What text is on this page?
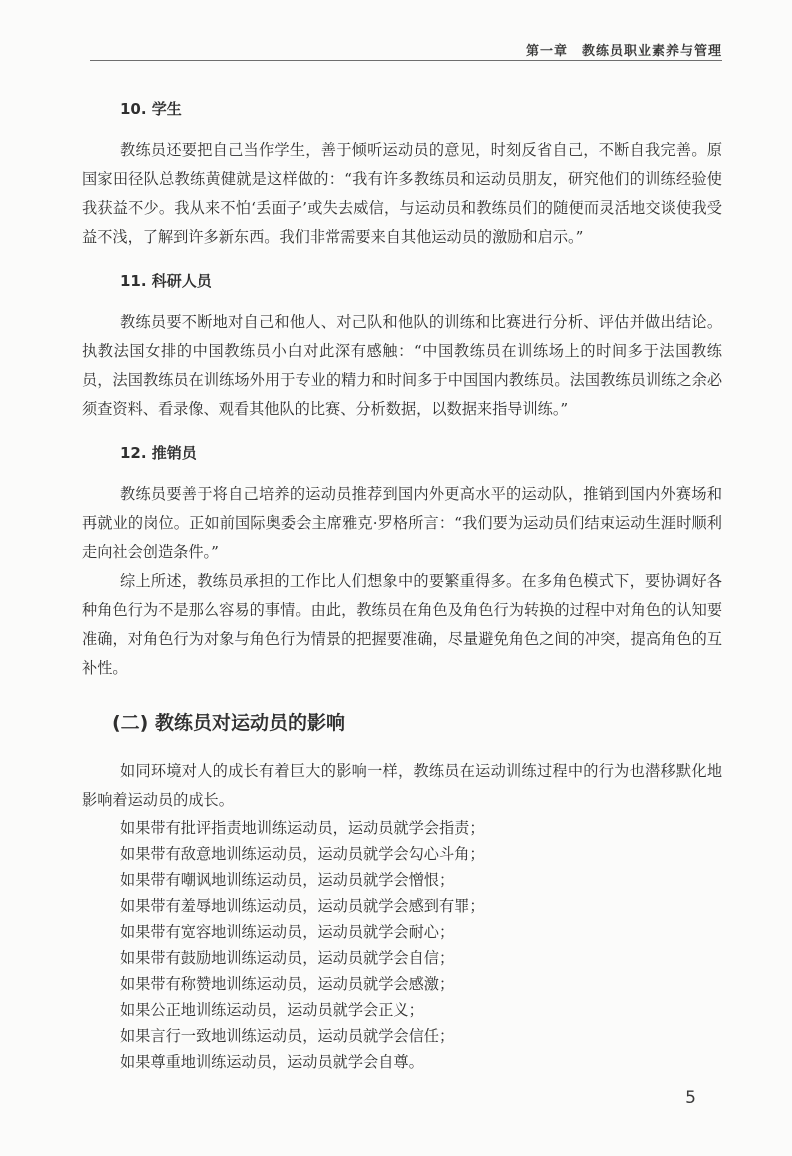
第一章　教练员职业素养与管理
10. 学生

教练员还要把自己当作学生，善于倾听运动员的意见，时刻反省自己，不断自我完善。原国家田径队总教练黄健就是这样做的：“我有许多教练员和运动员朋友，研究他们的训练经验使我获益不少。我从来不怕‘丢面子’或失去威信，与运动员和教练员们的随便而灵活地交谈使我受益不浅，了解到许多新东西。我们非常需要来自其他运动员的激励和启示。”

11. 科研人员

教练员要不断地对自己和他人、对己队和他队的训练和比赛进行分析、评估并做出结论。执教法国女排的中国教练员小白对此深有感触：“中国教练员在训练场上的时间多于法国教练员，法国教练员在训练场外用于专业的精力和时间多于中国国内教练员。法国教练员训练之余必须查资料、看录像、观看其他队的比赛、分析数据，以数据来指导训练。”

12. 推销员

教练员要善于将自己培养的运动员推荐到国内外更高水平的运动队，推销到国内外赛场和再就业的岗位。正如前国际奥委会主席雅克·罗格所言：“我们要为运动员们结束运动生涯时顺利走向社会创造条件。”

综上所述，教练员承担的工作比人们想象中的要繁重得多。在多角色模式下，要协调好各种角色行为不是那么容易的事情。由此，教练员在角色及角色行为转换的过程中对角色的认知要准确，对角色行为对象与角色行为情景的把握要准确，尽量避免角色之间的冲突，提高角色的互补性。

(二) 教练员对运动员的影响

如同环境对人的成长有着巨大的影响一样，教练员在运动训练过程中的行为也潜移默化地影响着运动员的成长。

如果带有批评指责地训练运动员，运动员就学会指责；
如果带有敌意地训练运动员，运动员就学会勾心斗角；
如果带有嘲讽地训练运动员，运动员就学会憎恨；
如果带有羞辱地训练运动员，运动员就学会感到有罪；
如果带有宽容地训练运动员，运动员就学会耐心；
如果带有鼓励地训练运动员，运动员就学会自信；
如果带有称赞地训练运动员，运动员就学会感激；
如果公正地训练运动员，运动员就学会正义；
如果言行一致地训练运动员，运动员就学会信任；
如果尊重地训练运动员，运动员就学会自尊。
5
